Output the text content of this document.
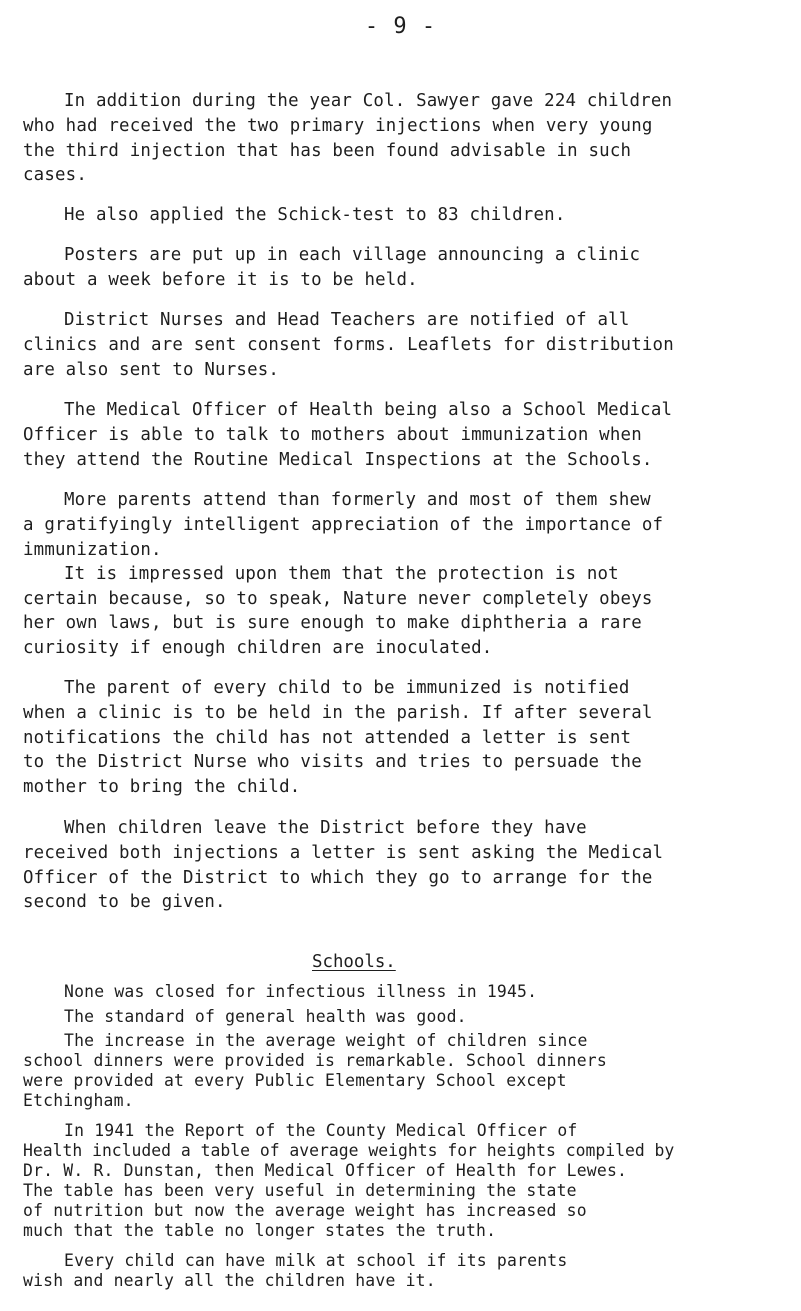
- 9 -
In addition during the year Col. Sawyer gave 224 children
who had received the two primary injections when very young
the third injection that has been found advisable in such
cases.
He also applied the Schick-test to 83 children.
Posters are put up in each village announcing a clinic
about a week before it is to be held.
District Nurses and Head Teachers are notified of all
clinics and are sent consent forms. Leaflets for distribution
are also sent to Nurses.
The Medical Officer of Health being also a School Medical
Officer is able to talk to mothers about immunization when
they attend the Routine Medical Inspections at the Schools.
More parents attend than formerly and most of them shew
a gratifyingly intelligent appreciation of the importance of
immunization.
It is impressed upon them that the protection is not
certain because, so to speak, Nature never completely obeys
her own laws, but is sure enough to make diphtheria a rare
curiosity if enough children are inoculated.
The parent of every child to be immunized is notified
when a clinic is to be held in the parish. If after several
notifications the child has not attended a letter is sent
to the District Nurse who visits and tries to persuade the
mother to bring the child.
When children leave the District before they have
received both injections a letter is sent asking the Medical
Officer of the District to which they go to arrange for the
second to be given.
Schools.
None was closed for infectious illness in 1945.
The standard of general health was good.
The increase in the average weight of children since
school dinners were provided is remarkable. School dinners
were provided at every Public Elementary School except
Etchingham.
In 1941 the Report of the County Medical Officer of
Health included a table of average weights for heights compiled by
Dr. W. R. Dunstan, then Medical Officer of Health for Lewes.
The table has been very useful in determining the state
of nutrition but now the average weight has increased so
much that the table no longer states the truth.
Every child can have milk at school if its parents
wish and nearly all the children have it.
